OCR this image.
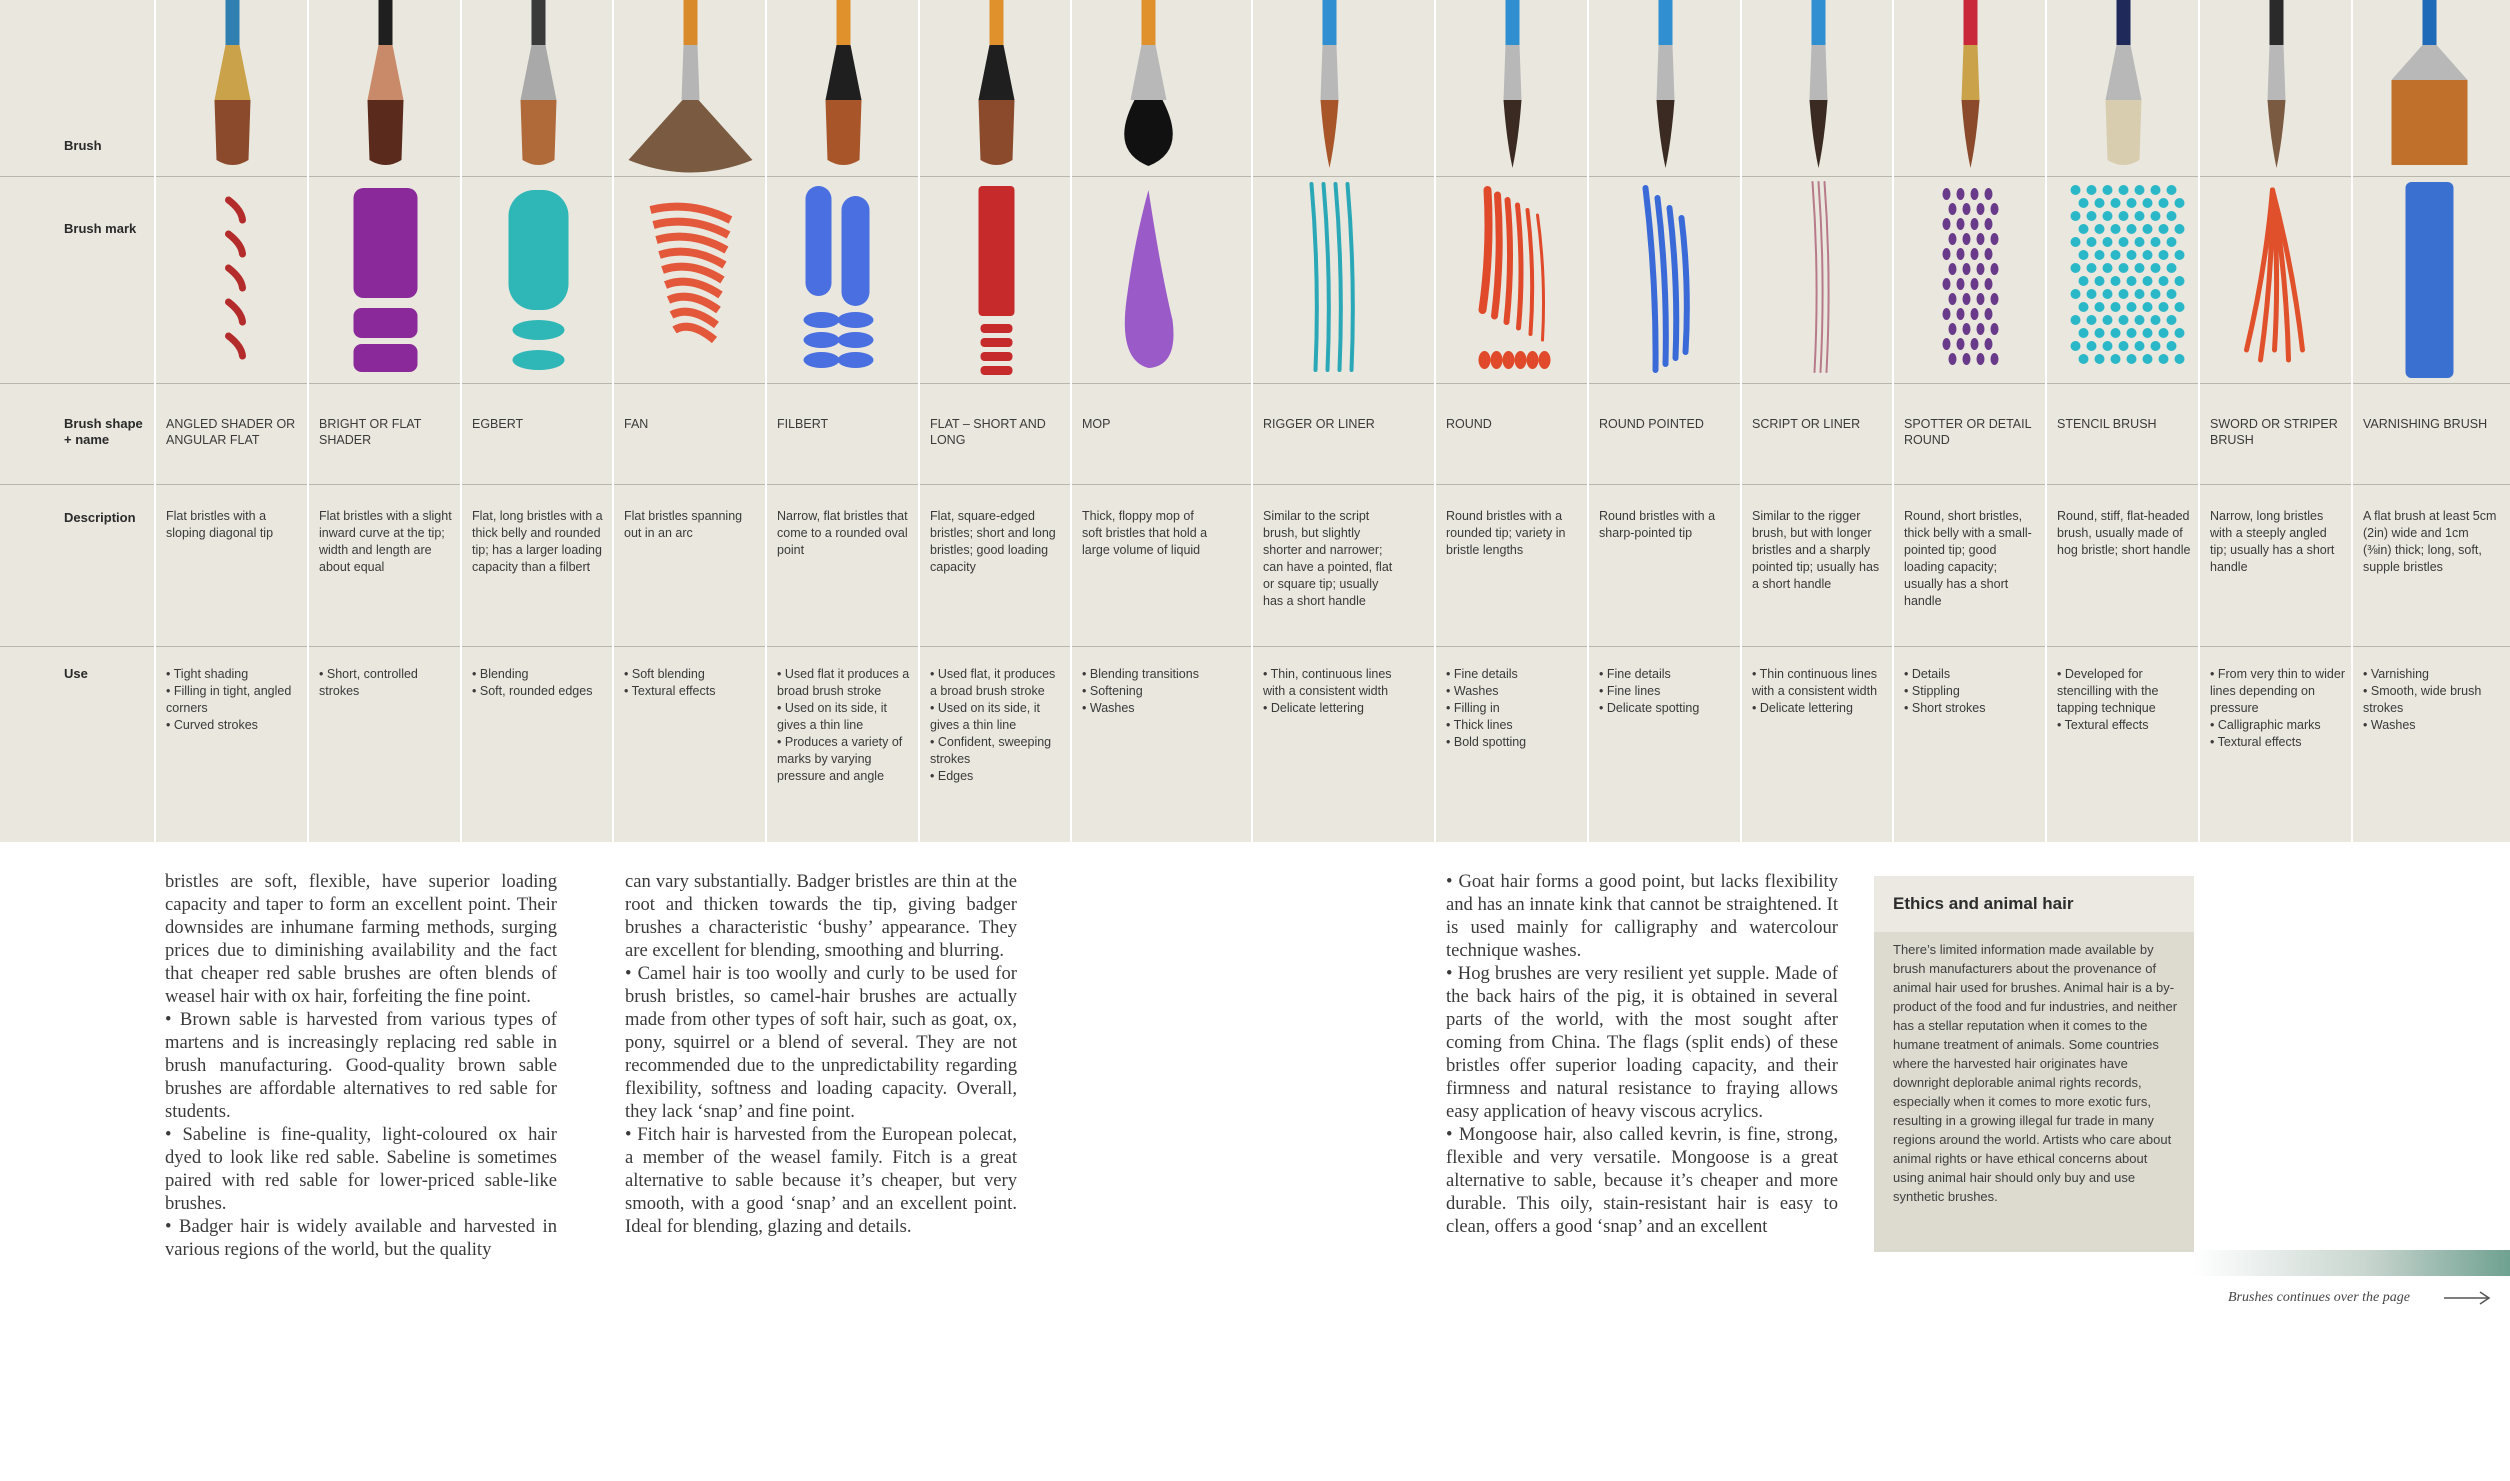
Brush
Brush mark
Brush shape + name
Description
Use
ANGLED SHADER OR ANGULAR FLAT
Flat bristles with a sloping diagonal tip
• Tight shading
• Filling in tight, angled corners
• Curved strokes
BRIGHT OR FLAT SHADER
Flat bristles with a slight inward curve at the tip; width and length are about equal
• Short, controlled strokes
EGBERT
Flat, long bristles with a thick belly and rounded tip; has a larger loading capacity than a filbert
• Blending
• Soft, rounded edges
FAN
Flat bristles spanning out in an arc
• Soft blending
• Textural effects
FILBERT
Narrow, flat bristles that come to a rounded oval point
• Used flat it produces a broad brush stroke
• Used on its side, it gives a thin line
• Produces a variety of marks by varying pressure and angle
FLAT – SHORT AND LONG
Flat, square-edged bristles; short and long bristles; good loading capacity
• Used flat, it produces a broad brush stroke
• Used on its side, it gives a thin line
• Confident, sweeping strokes
• Edges
MOP
Thick, floppy mop of soft bristles that hold a large volume of liquid
• Blending transitions
• Softening
• Washes
RIGGER OR LINER
Similar to the script brush, but slightly shorter and narrower; can have a pointed, flat or square tip; usually has a short handle
• Thin, continuous lines with a consistent width
• Delicate lettering
ROUND
Round bristles with a rounded tip; variety in bristle lengths
• Fine details
• Washes
• Filling in
• Thick lines
• Bold spotting
ROUND POINTED
Round bristles with a sharp-pointed tip
• Fine details
• Fine lines
• Delicate spotting
SCRIPT OR LINER
Similar to the rigger brush, but with longer bristles and a sharply pointed tip; usually has a short handle
• Thin continuous lines with a consistent width
• Delicate lettering
SPOTTER OR DETAIL ROUND
Round, short bristles, thick belly with a small-pointed tip; good loading capacity; usually has a short handle
• Details
• Stippling
• Short strokes
STENCIL BRUSH
Round, stiff, flat-headed brush, usually made of hog bristle; short handle
• Developed for stencilling with the tapping technique
• Textural effects
SWORD OR STRIPER BRUSH
Narrow, long bristles with a steeply angled tip; usually has a short handle
• From very thin to wider lines depending on pressure
• Calligraphic marks
• Textural effects
VARNISHING BRUSH
A flat brush at least 5cm (2in) wide and 1cm (⅜in) thick; long, soft, supple bristles
• Varnishing
• Smooth, wide brush strokes
• Washes

bristles are soft, flexible, have superior loading capacity and taper to form an excellent point. Their downsides are inhumane farming methods, surging prices due to diminishing availability and the fact that cheaper red sable brushes are often blends of weasel hair with ox hair, forfeiting the fine point.

• Brown sable is harvested from various types of martens and is increasingly replacing red sable in brush manufacturing. Good-quality brown sable brushes are affordable alternatives to red sable for students.

• Sabeline is fine-quality, light-coloured ox hair dyed to look like red sable. Sabeline is sometimes paired with red sable for lower-priced sable-like brushes.

• Badger hair is widely available and harvested in various regions of the world, but the quality

can vary substantially. Badger bristles are thin at the root and thicken towards the tip, giving badger brushes a characteristic ‘bushy’ appearance. They are excellent for blending, smoothing and blurring.

• Camel hair is too woolly and curly to be used for brush bristles, so camel-hair brushes are actually made from other types of soft hair, such as goat, ox, pony, squirrel or a blend of several. They are not recommended due to the unpredictability regarding flexibility, softness and loading capacity. Overall, they lack ‘snap’ and fine point.

• Fitch hair is harvested from the European polecat, a member of the weasel family. Fitch is a great alternative to sable because it’s cheaper, but very smooth, with a good ‘snap’ and an excellent point. Ideal for blending, glazing and details.

• Goat hair forms a good point, but lacks flexibility and has an innate kink that cannot be straightened. It is used mainly for calligraphy and watercolour technique washes.

• Hog brushes are very resilient yet supple. Made of the back hairs of the pig, it is obtained in several parts of the world, with the most sought after coming from China. The flags (split ends) of these bristles offer superior loading capacity, and their firmness and natural resistance to fraying allows easy application of heavy viscous acrylics.

• Mongoose hair, also called kevrin, is fine, strong, flexible and very versatile. Mongoose is a great alternative to sable, because it’s cheaper and more durable. This oily, stain-resistant hair is easy to clean, offers a good ‘snap’ and an excellent

Ethics and animal hair
There’s limited information made available by brush manufacturers about the provenance of animal hair used for brushes. Animal hair is a by-product of the food and fur industries, and neither has a stellar reputation when it comes to the humane treatment of animals. Some countries where the harvested hair originates have downright deplorable animal rights records, especially when it comes to more exotic furs, resulting in a growing illegal fur trade in many regions around the world. Artists who care about animal rights or have ethical concerns about using animal hair should only buy and use synthetic brushes.
Brushes continues over the page
